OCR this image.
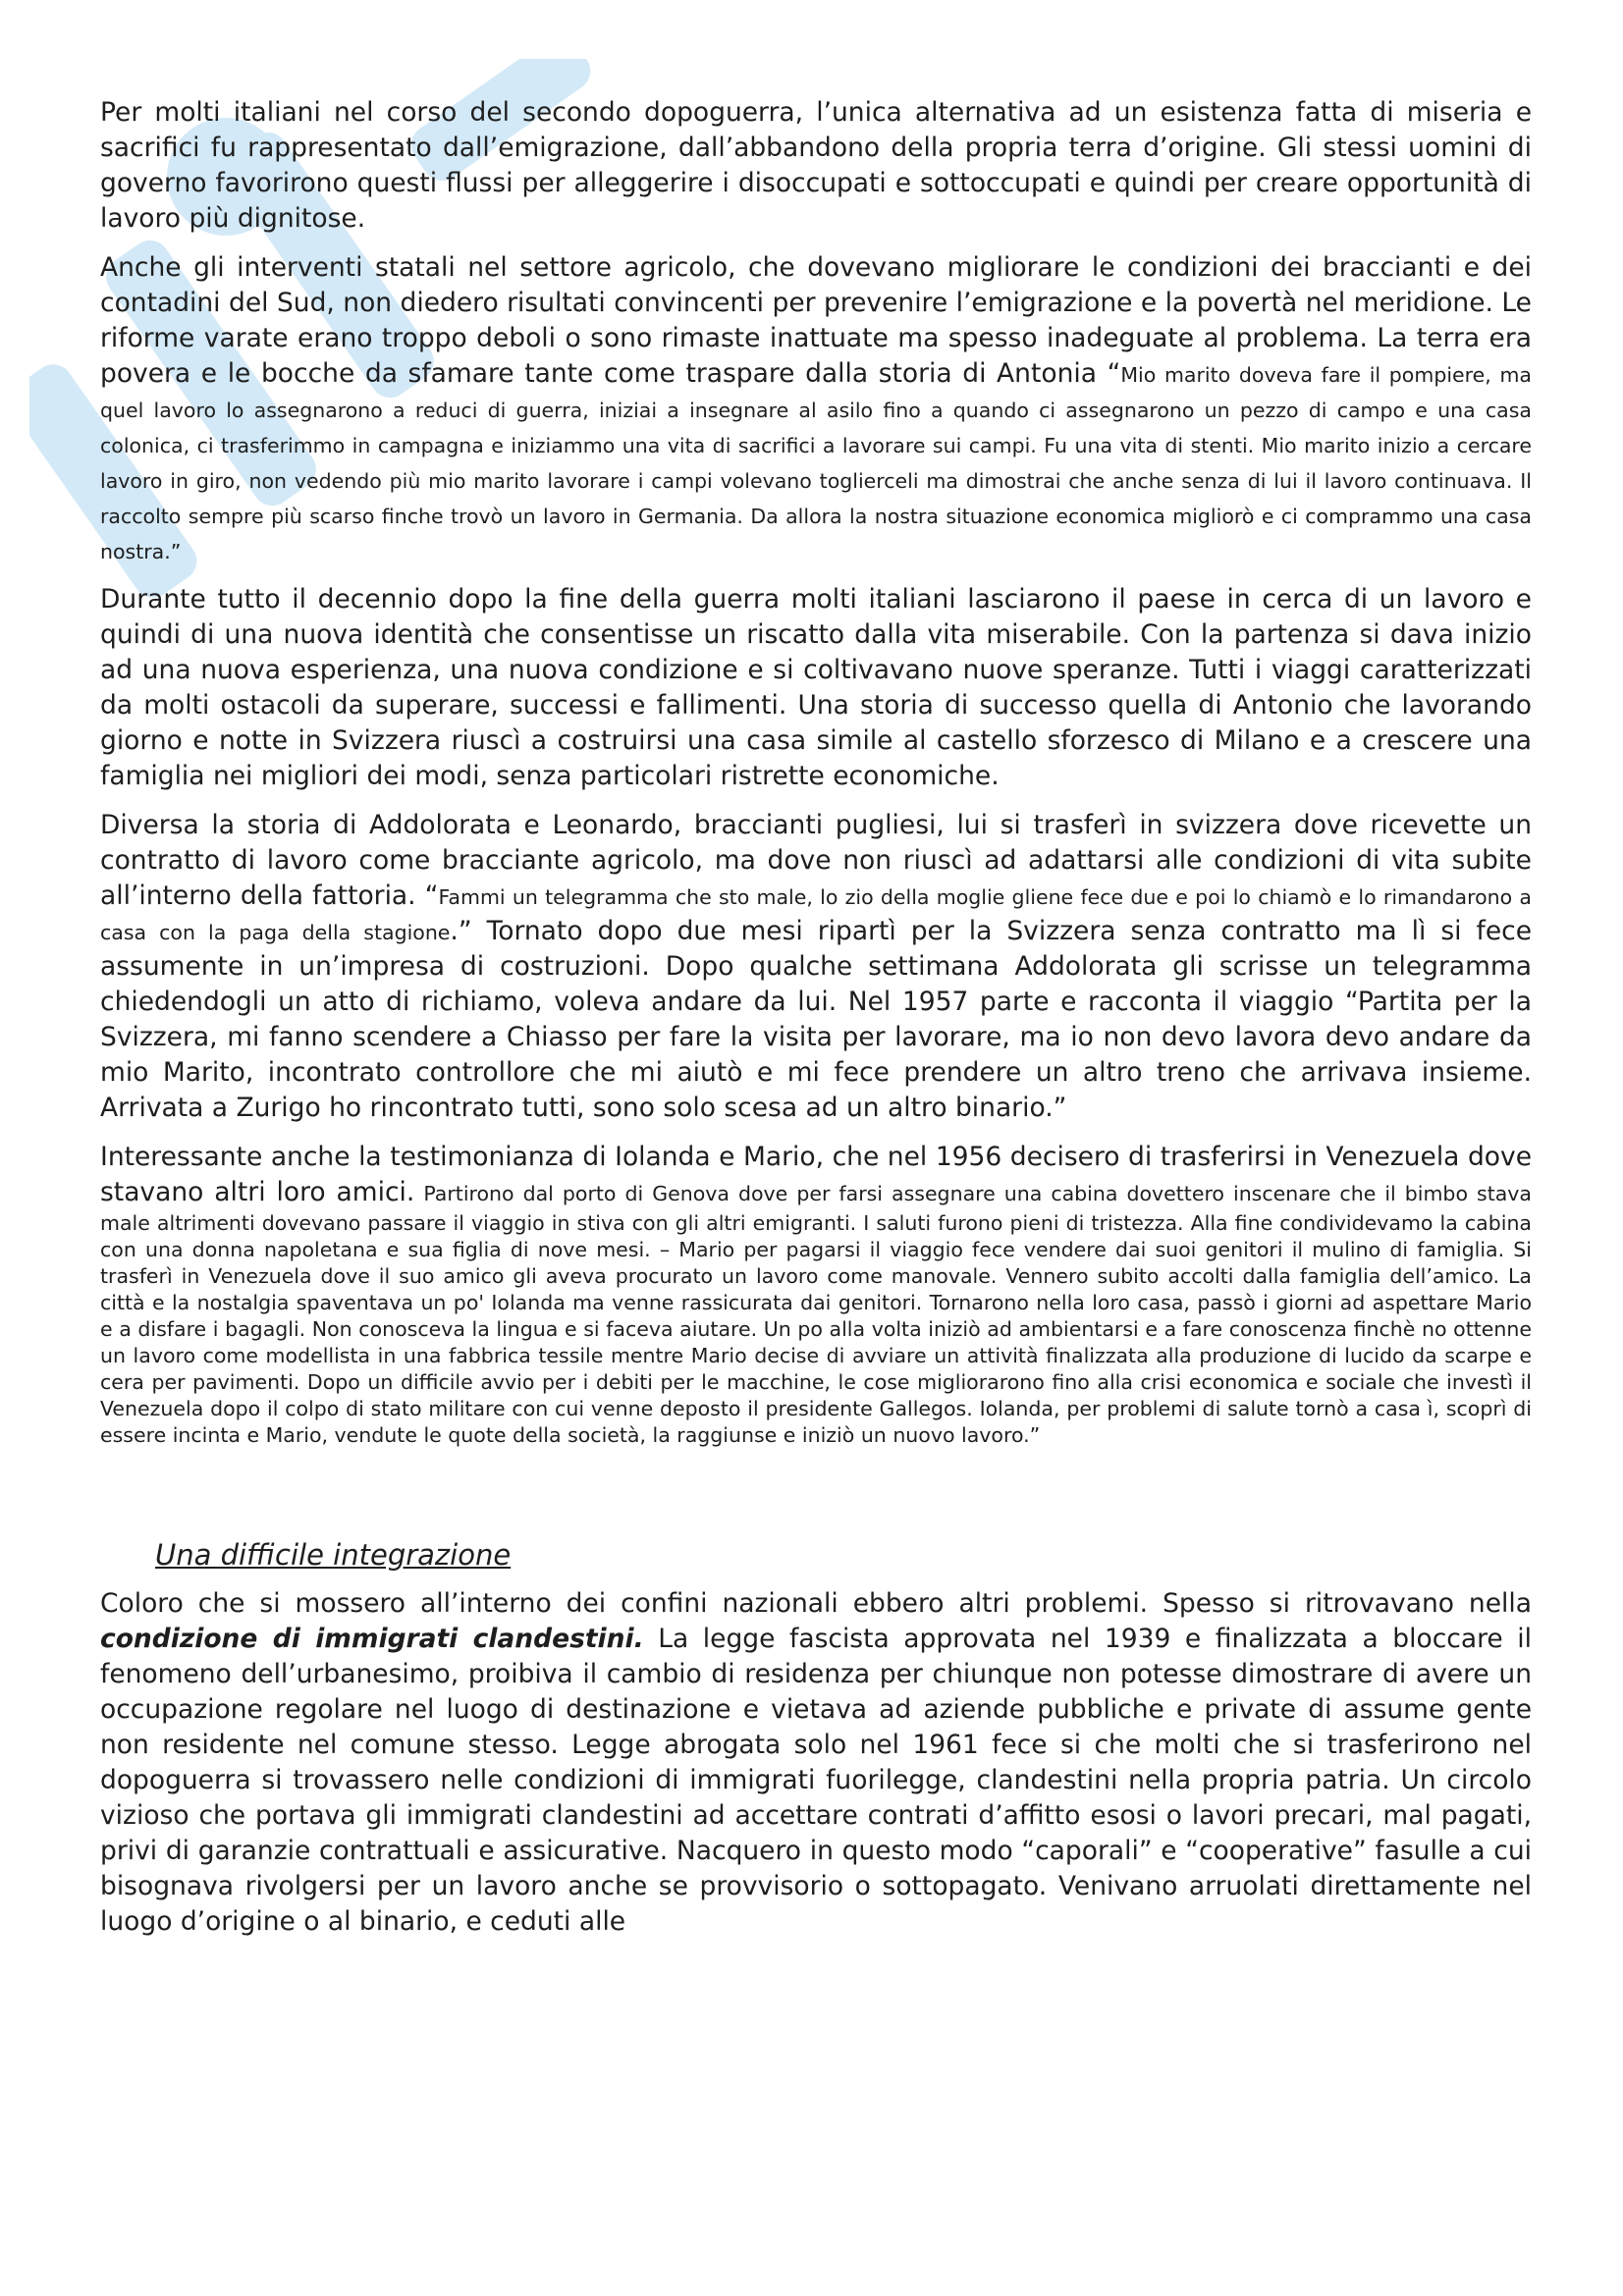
Per molti italiani nel corso del secondo dopoguerra, l’unica alternativa ad un esistenza fatta di miseria e sacrifici fu rappresentato dall’emigrazione, dall’abbandono della propria terra d’origine. Gli stessi uomini di governo favorirono questi flussi per alleggerire i disoccupati e sottoccupati e quindi per creare opportunità di lavoro più dignitose.

Anche gli interventi statali nel settore agricolo, che dovevano migliorare le condizioni dei braccianti e dei contadini del Sud, non diedero risultati convincenti per prevenire l’emigrazione e la povertà nel meridione. Le riforme varate erano troppo deboli o sono rimaste inattuate ma spesso inadeguate al problema. La terra era povera e le bocche da sfamare tante come traspare dalla storia di Antonia “Mio marito doveva fare il pompiere, ma quel lavoro lo assegnarono a reduci di guerra, iniziai a insegnare al asilo fino a quando ci assegnarono un pezzo di campo e una casa colonica, ci trasferimmo in campagna e iniziammo una vita di sacrifici a lavorare sui campi. Fu una vita di stenti. Mio marito inizio a cercare lavoro in giro, non vedendo più mio marito lavorare i campi volevano toglierceli ma dimostrai che anche senza di lui il lavoro continuava. Il raccolto sempre più scarso finche trovò un lavoro in Germania. Da allora la nostra situazione economica migliorò e ci comprammo una casa nostra.”

Durante tutto il decennio dopo la fine della guerra molti italiani lasciarono il paese in cerca di un lavoro e quindi di una nuova identità che consentisse un riscatto dalla vita miserabile. Con la partenza si dava inizio ad una nuova esperienza, una nuova condizione e si coltivavano nuove speranze. Tutti i viaggi caratterizzati da molti ostacoli da superare, successi e fallimenti. Una storia di successo quella di Antonio che lavorando giorno e notte in Svizzera riuscì a costruirsi una casa simile al castello sforzesco di Milano e a crescere una famiglia nei migliori dei modi, senza particolari ristrette economiche.

Diversa la storia di Addolorata e Leonardo, braccianti pugliesi, lui si trasferì in svizzera dove ricevette un contratto di lavoro come bracciante agricolo, ma dove non riuscì ad adattarsi alle condizioni di vita subite all’interno della fattoria. “Fammi un telegramma che sto male, lo zio della moglie gliene fece due e poi lo chiamò e lo rimandarono a casa con la paga della stagione.” Tornato dopo due mesi ripartì per la Svizzera senza contratto ma lì si fece assumente in un’impresa di costruzioni. Dopo qualche settimana Addolorata gli scrisse un telegramma chiedendogli un atto di richiamo, voleva andare da lui. Nel 1957 parte e racconta il viaggio “Partita per la Svizzera, mi fanno scendere a Chiasso per fare la visita per lavorare, ma io non devo lavora devo andare da mio Marito, incontrato controllore che mi aiutò e mi fece prendere un altro treno che arrivava insieme. Arrivata a Zurigo ho rincontrato tutti, sono solo scesa ad un altro binario.”

Interessante anche la testimonianza di Iolanda e Mario, che nel 1956 decisero di trasferirsi in Venezuela dove stavano altri loro amici. Partirono dal porto di Genova dove per farsi assegnare una cabina dovettero inscenare che il bimbo stava male altrimenti dovevano passare il viaggio in stiva con gli altri emigranti. I saluti furono pieni di tristezza. Alla fine condividevamo la cabina con una donna napoletana e sua figlia di nove mesi. – Mario per pagarsi il viaggio fece vendere dai suoi genitori il mulino di famiglia. Si trasferì in Venezuela dove il suo amico gli aveva procurato un lavoro come manovale. Vennero subito accolti dalla famiglia dell’amico. La città e la nostalgia spaventava un po' Iolanda ma venne rassicurata dai genitori. Tornarono nella loro casa, passò i giorni ad aspettare Mario e a disfare i bagagli. Non conosceva la lingua e si faceva aiutare. Un po alla volta iniziò ad ambientarsi e a fare conoscenza finchè no ottenne un lavoro come modellista in una fabbrica tessile mentre Mario decise di avviare un attività finalizzata alla produzione di lucido da scarpe e cera per pavimenti. Dopo un difficile avvio per i debiti per le macchine, le cose migliorarono fino alla crisi economica e sociale che investì il Venezuela dopo il colpo di stato militare con cui venne deposto il presidente Gallegos. Iolanda, per problemi di salute tornò a casa ì, scoprì di essere incinta e Mario, vendute le quote della società, la raggiunse e iniziò un nuovo lavoro.”

Una difficile integrazione

Coloro che si mossero all’interno dei confini nazionali ebbero altri problemi. Spesso si ritrovavano nella condizione di immigrati clandestini. La legge fascista approvata nel 1939 e finalizzata a bloccare il fenomeno dell’urbanesimo, proibiva il cambio di residenza per chiunque non potesse dimostrare di avere un occupazione regolare nel luogo di destinazione e vietava ad aziende pubbliche e private di assume gente non residente nel comune stesso. Legge abrogata solo nel 1961 fece si che molti che si trasferirono nel dopoguerra si trovassero nelle condizioni di immigrati fuorilegge, clandestini nella propria patria. Un circolo vizioso che portava gli immigrati clandestini ad accettare contrati d’affitto esosi o lavori precari, mal pagati, privi di garanzie contrattuali e assicurative. Nacquero in questo modo “caporali” e “cooperative” fasulle a cui bisognava rivolgersi per un lavoro anche se provvisorio o sottopagato. Venivano arruolati direttamente nel luogo d’origine o al binario, e ceduti alle
